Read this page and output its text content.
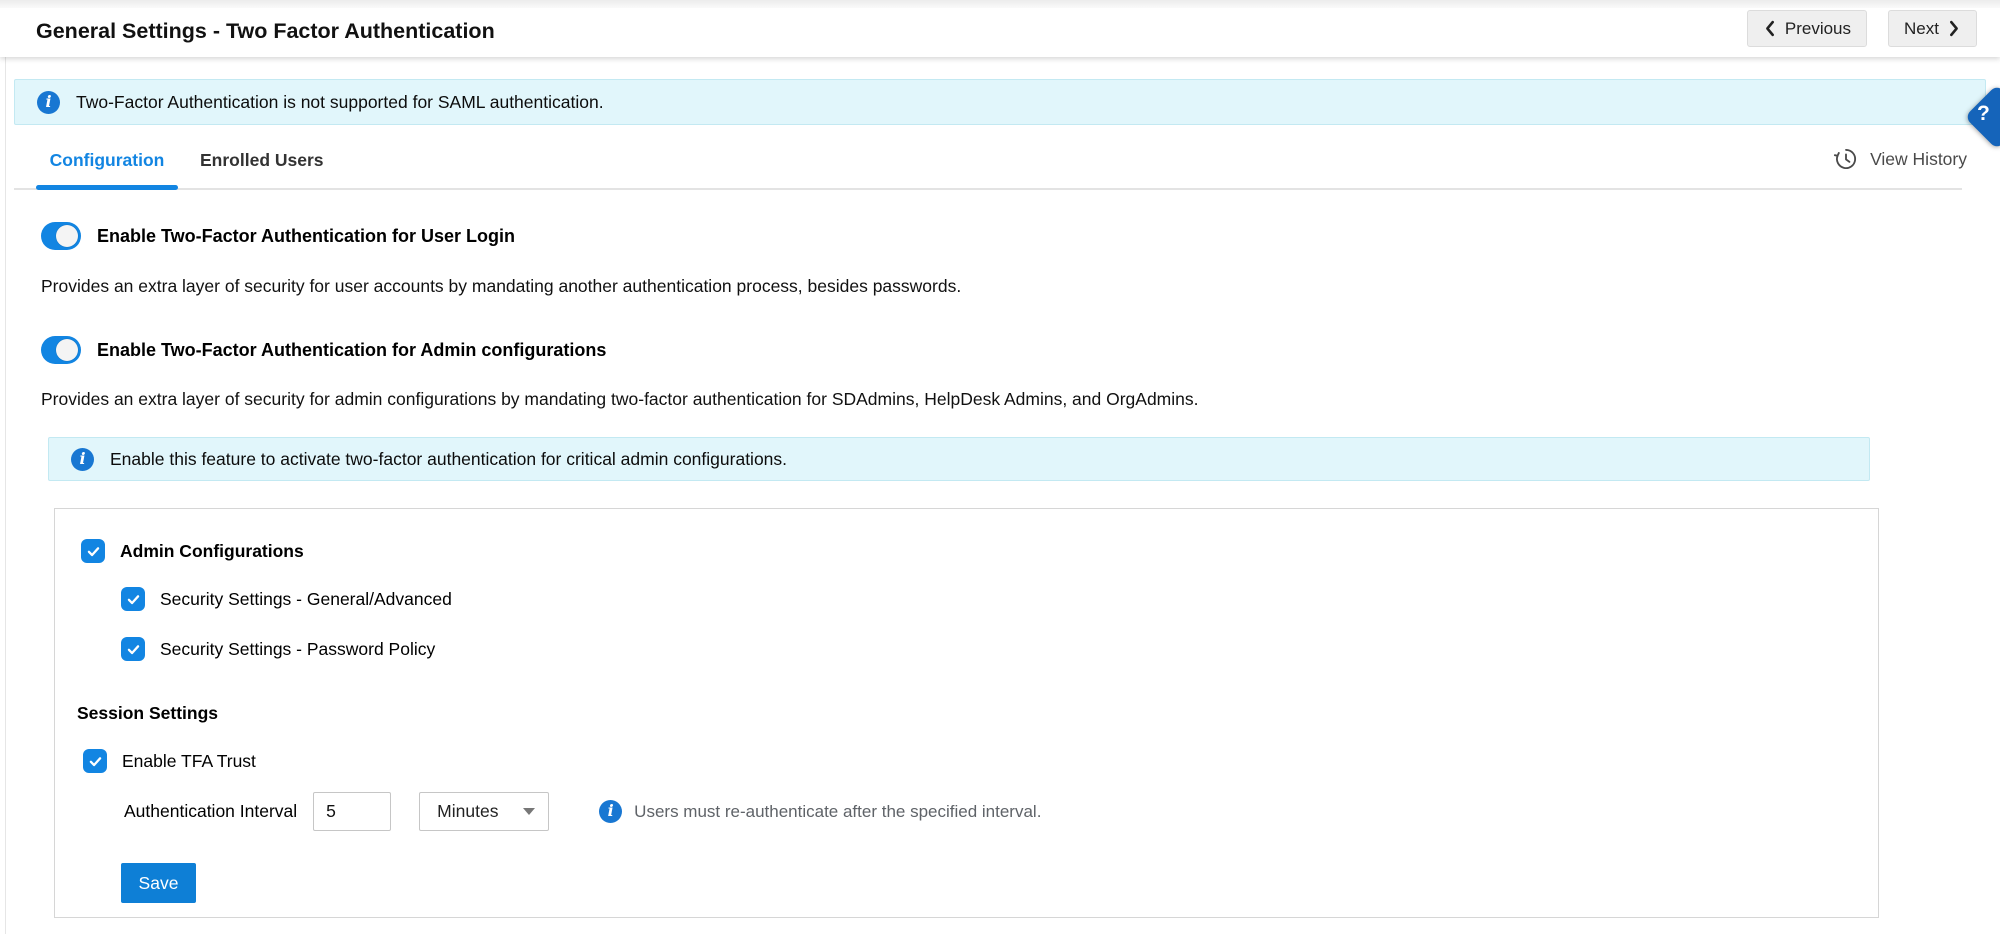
General Settings - Two Factor Authentication	Previous	Next
i	Two-Factor Authentication is not supported for SAML authentication.
Configuration	Enrolled Users	View History
Enable Two-Factor Authentication for User Login
Provides an extra layer of security for user accounts by mandating another authentication process, besides passwords.
Enable Two-Factor Authentication for Admin configurations
Provides an extra layer of security for admin configurations by mandating two-factor authentication for SDAdmins, HelpDesk Admins, and OrgAdmins.
i	Enable this feature to activate two-factor authentication for critical admin configurations.
Admin Configurations
Security Settings - General/Advanced
Security Settings - Password Policy
Session Settings
Enable TFA Trust
Authentication Interval
5	Minutes	i	Users must re-authenticate after the specified interval.
Save
?
